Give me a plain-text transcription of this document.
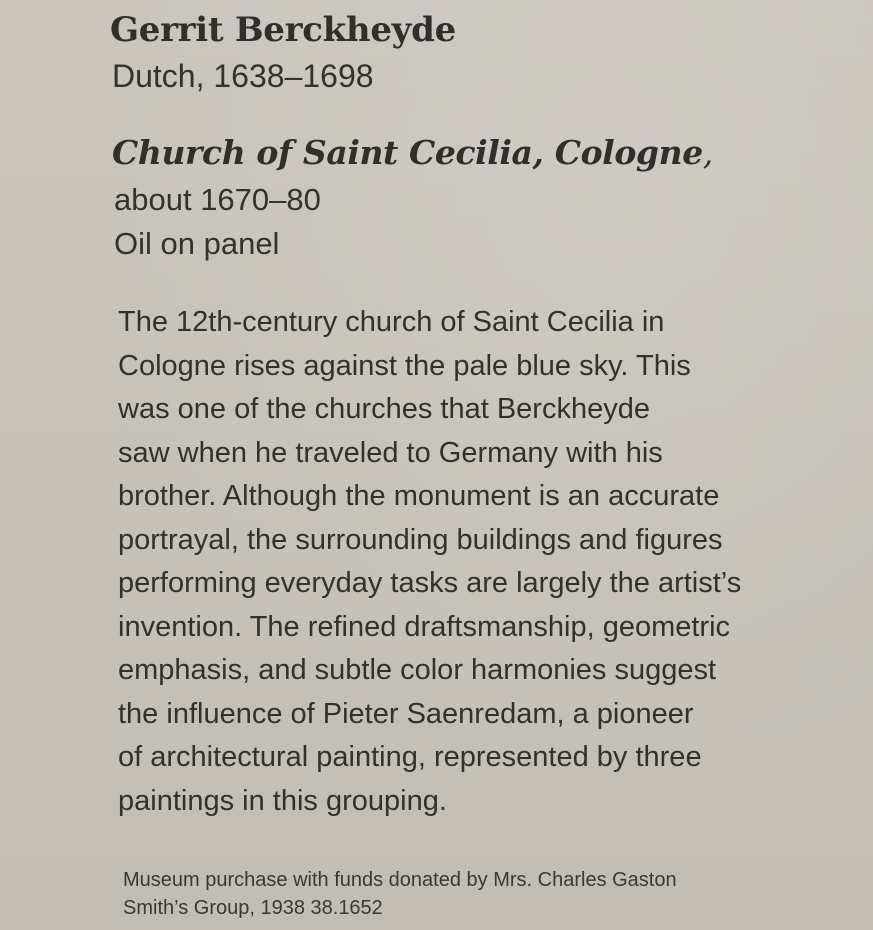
Gerrit Berckheyde
Dutch, 1638–1698
Church of Saint Cecilia, Cologne,
about 1670–80
Oil on panel
The 12th-century church of Saint Cecilia in
Cologne rises against the pale blue sky. This
was one of the churches that Berckheyde
saw when he traveled to Germany with his
brother. Although the monument is an accurate
portrayal, the surrounding buildings and figures
performing everyday tasks are largely the artist’s
invention. The refined draftsmanship, geometric
emphasis, and subtle color harmonies suggest
the influence of Pieter Saenredam, a pioneer
of architectural painting, represented by three
paintings in this grouping.
Museum purchase with funds donated by Mrs. Charles Gaston
Smith’s Group, 1938 38.1652
